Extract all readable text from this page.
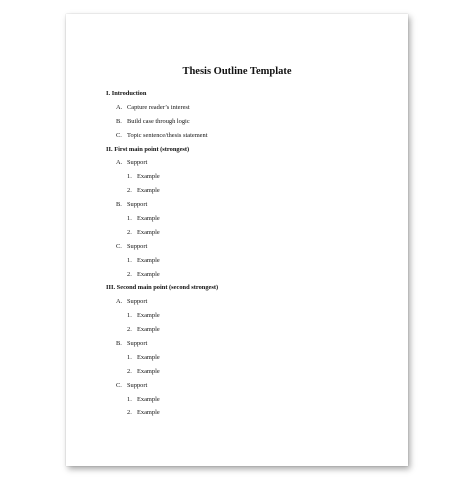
Thesis Outline Template
I. Introduction
A. Capture reader’s interest
B. Build case through logic
C. Topic sentence/thesis statement
II. First main point (strongest)
A. Support
1. Example
2. Example
B. Support
1. Example
2. Example
C. Support
1. Example
2. Example
III. Second main point (second strongest)
A. Support
1. Example
2. Example
B. Support
1. Example
2. Example
C. Support
1. Example
2. Example
